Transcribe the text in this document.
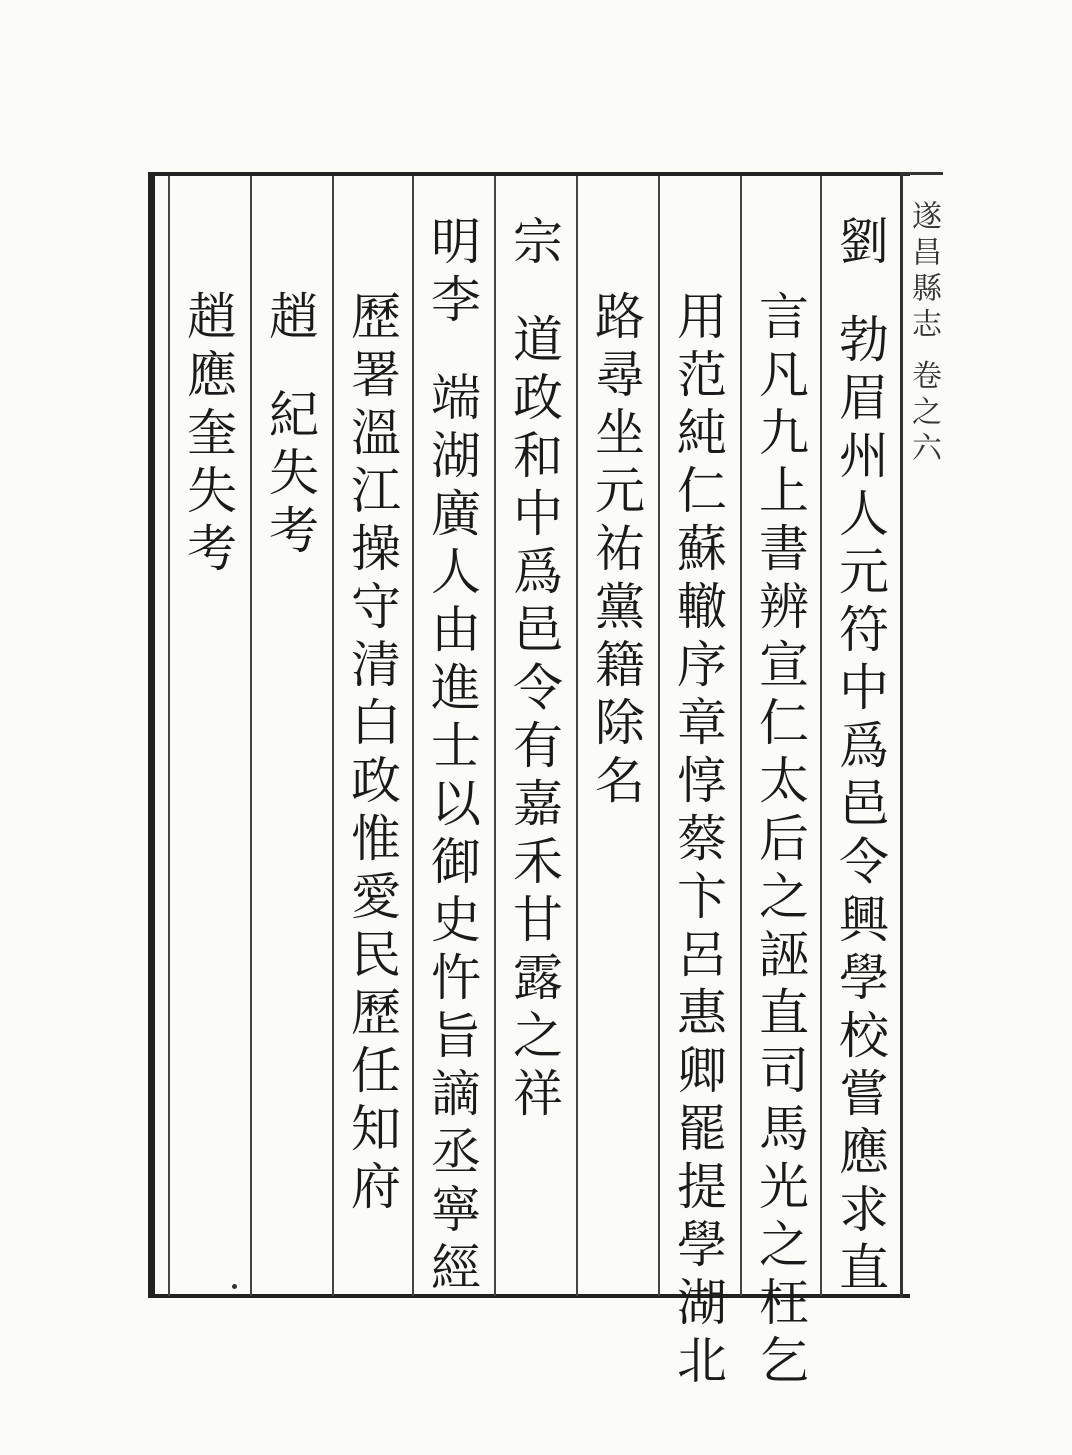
遂昌縣志 卷之六
劉勃眉州人元符中爲邑令興學校嘗應求直
言凡九上書辨宣仁太后之誣直司馬光之枉乞
用范純仁蘇轍序章惇蔡卞呂惠卿罷提學湖北
路尋坐元祐黨籍除名
宗道政和中爲邑令有嘉禾甘露之祥
明李端湖廣人由進士以御史忤旨謫丞寧經
歷署溫江操守清白政惟愛民歷任知府
趙紀失考
趙應奎失考
